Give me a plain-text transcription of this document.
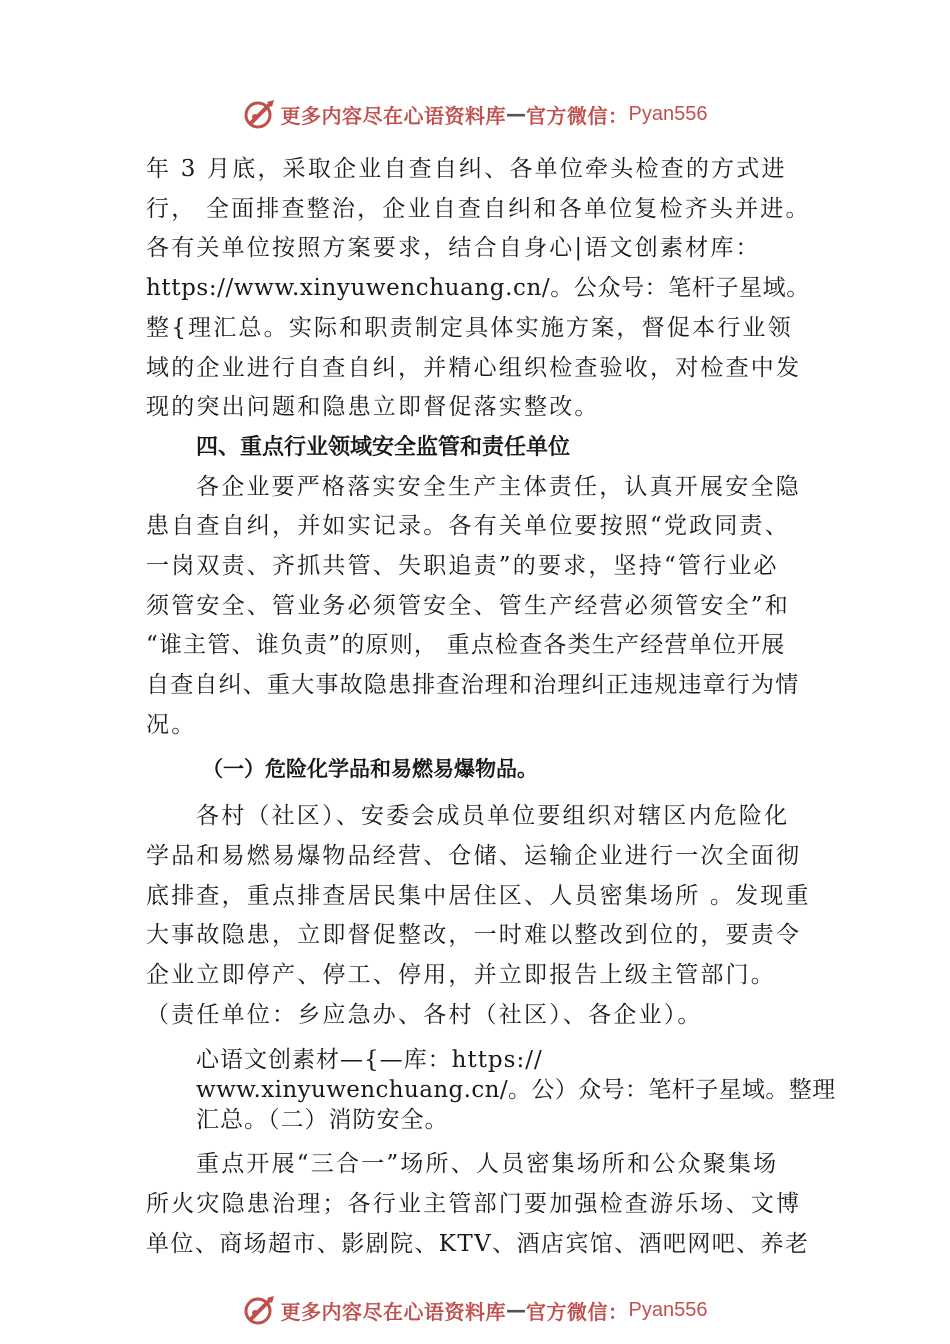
更多内容尽在心语资料库 — 官方微信： Pyan556

年 3 月底，采取企业自查自纠、各单位牵头检查的方式进

行， 全面排查整治，企业自查自纠和各单位复检齐头并进。

各有关单位按照方案要求，结合自身心|语文创素材库：

https://www.xinyuwenchuang.cn/。公众号：笔杆子星域。

整{理汇总。实际和职责制定具体实施方案，督促本行业领

域的企业进行自查自纠，并精心组织检查验收，对检查中发

现的突出问题和隐患立即督促落实整改。

四、重点行业领域安全监管和责任单位

各企业要严格落实安全生产主体责任，认真开展安全隐

患自查自纠，并如实记录。各有关单位要按照“党政同责、

一岗双责、齐抓共管、失职追责”的要求，坚持“管行业必

须管安全、管业务必须管安全、管生产经营必须管安全”和

“谁主管、谁负责”的原则， 重点检查各类生产经营单位开展

自查自纠、重大事故隐患排查治理和治理纠正违规违章行为情

况。

（一）危险化学品和易燃易爆物品。

各村（社区）、安委会成员单位要组织对辖区内危险化

学品和易燃易爆物品经营、仓储、运输企业进行一次全面彻

底排查，重点排查居民集中居住区、人员密集场所 。发现重

大事故隐患，立即督促整改，一时难以整改到位的，要责令

企业立即停产、停工、停用，并立即报告上级主管部门。

（责任单位：乡应急办、各村（社区）、各企业）。

心语文创素材—{—库：https://

www.xinyuwenchuang.cn/。公）众号：笔杆子星域。整理

汇总。（二）消防安全。

重点开展“三合一”场所、人员密集场所和公众聚集场

所火灾隐患治理；各行业主管部门要加强检查游乐场、文博

单位、商场超市、影剧院、KTV、酒店宾馆、酒吧网吧、养老

更多内容尽在心语资料库 — 官方微信： Pyan556
